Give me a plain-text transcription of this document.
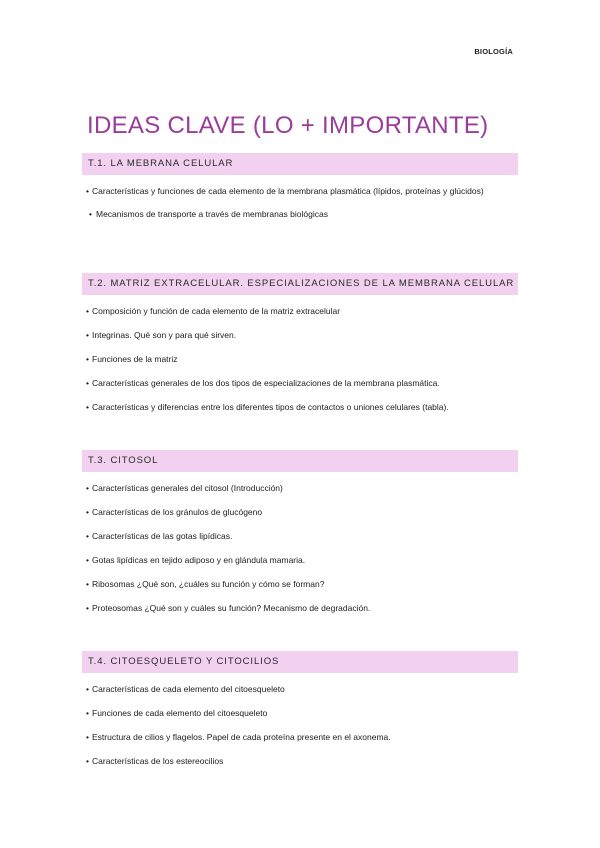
BIOLOGÍA
IDEAS CLAVE (LO + IMPORTANTE)
T.1. LA MEBRANA CELULAR
• Características y funciones de cada elemento de la membrana plasmática (lípidos, proteínas y glúcidos)
• Mecanismos de transporte a través de membranas biológicas
T.2. MATRIZ EXTRACELULAR. ESPECIALIZACIONES DE LA MEMBRANA CELULAR
• Composición y función de cada elemento de la matriz extracelular
• Integrinas. Qué son y para qué sirven.
• Funciones de la matriz
• Características generales de los dos tipos de especializaciones de la membrana plasmática.
• Características y diferencias entre los diferentes tipos de contactos o uniones celulares (tabla).
T.3. CITOSOL
• Características generales del citosol (Introducción)
• Características de los gránulos de glucógeno
• Características de las gotas lipídicas.
• Gotas lipídicas en tejido adiposo y en glándula mamaria.
• Ribosomas ¿Qué son, ¿cuáles su función y cómo se forman?
• Proteosomas ¿Qué son y cuáles su función? Mecanismo de degradación.
T.4. CITOESQUELETO Y CITOCILIOS
• Características de cada elemento del citoesqueleto
• Funciones de cada elemento del citoesqueleto
• Estructura de cilios y flagelos. Papel de cada proteína presente en el axonema.
• Características de los estereocilios
